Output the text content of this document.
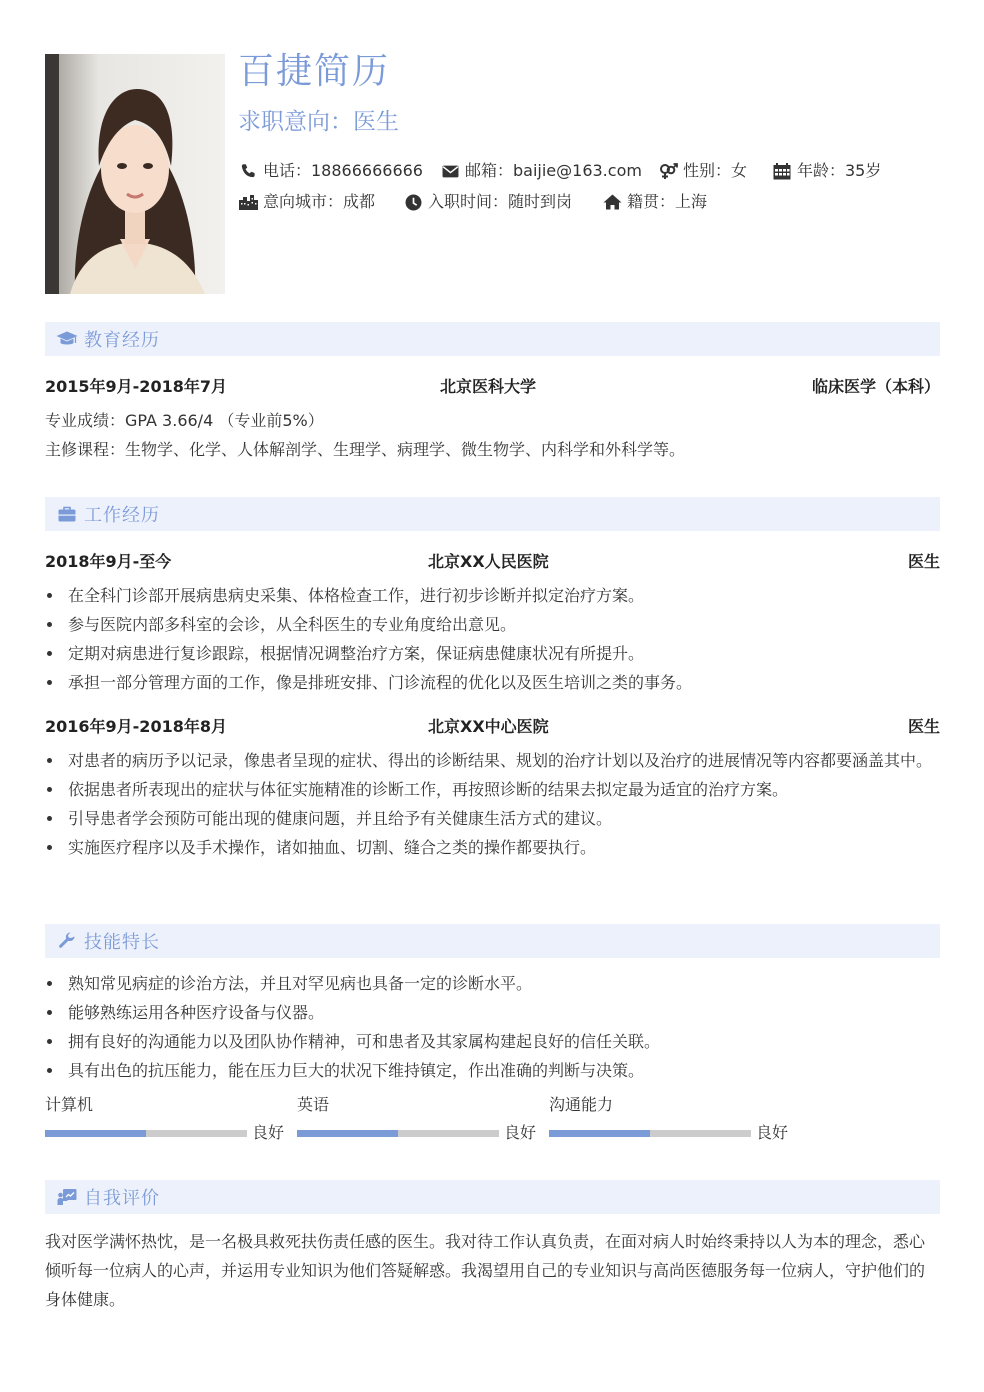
百捷简历
求职意向：医生
电话：18866666666	邮箱：baijie@163.com	性别：女	年龄：35岁
意向城市：成都	入职时间：随时到岗	籍贯：上海
教育经历
2015年9月-2018年7月	北京医科大学	临床医学（本科）
专业成绩：GPA 3.66/4 （专业前5%）
主修课程：生物学、化学、人体解剖学、生理学、病理学、微生物学、内科学和外科学等。
工作经历
2018年9月-至今	北京XX人民医院	医生
在全科门诊部开展病患病史采集、体格检查工作，进行初步诊断并拟定治疗方案。
参与医院内部多科室的会诊，从全科医生的专业角度给出意见。
定期对病患进行复诊跟踪，根据情况调整治疗方案，保证病患健康状况有所提升。
承担一部分管理方面的工作，像是排班安排、门诊流程的优化以及医生培训之类的事务。
2016年9月-2018年8月	北京XX中心医院	医生
对患者的病历予以记录，像患者呈现的症状、得出的诊断结果、规划的治疗计划以及治疗的进展情况等内容都要涵盖其中。
依据患者所表现出的症状与体征实施精准的诊断工作，再按照诊断的结果去拟定最为适宜的治疗方案。
引导患者学会预防可能出现的健康问题，并且给予有关健康生活方式的建议。
实施医疗程序以及手术操作，诸如抽血、切割、缝合之类的操作都要执行。
技能特长
熟知常见病症的诊治方法，并且对罕见病也具备一定的诊断水平。
能够熟练运用各种医疗设备与仪器。
拥有良好的沟通能力以及团队协作精神，可和患者及其家属构建起良好的信任关联。
具有出色的抗压能力，能在压力巨大的状况下维持镇定，作出准确的判断与决策。
计算机
良好
英语
良好
沟通能力
良好
自我评价
我对医学满怀热忱，是一名极具救死扶伤责任感的医生。我对待工作认真负责，在面对病人时始终秉持以人为本的理念，悉心倾听每一位病人的心声，并运用专业知识为他们答疑解惑。我渴望用自己的专业知识与高尚医德服务每一位病人，守护他们的身体健康。
